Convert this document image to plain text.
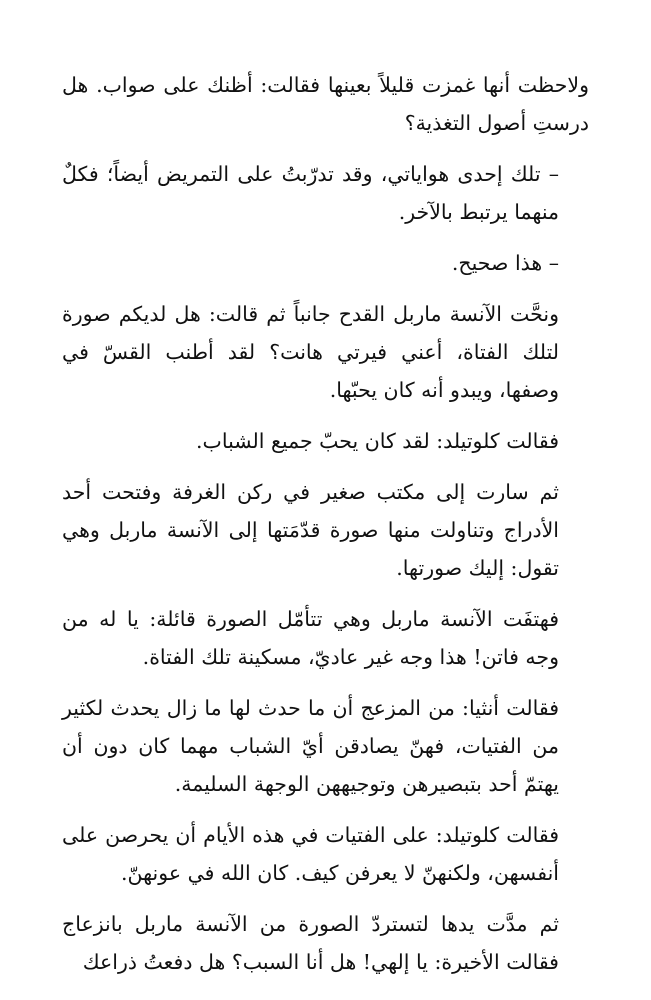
ولاحظت أنها غمزت قليلاً بعينها فقالت: أظنك على صواب. هل درستِ أصول التغذية؟

– تلك إحدى هواياتي، وقد تدرّبتُ على التمريض أيضاً؛ فكلٌ منهما يرتبط بالآخر.

– هذا صحيح.

ونحَّت الآنسة ماربل القدح جانباً ثم قالت: هل لديكم صورة لتلك الفتاة، أعني فيرتي هانت؟ لقد أطنب القسّ في وصفها، ويبدو أنه كان يحبّها.

فقالت كلوتيلد: لقد كان يحبّ جميع الشباب.

ثم سارت إلى مكتب صغير في ركن الغرفة وفتحت أحد الأدراج وتناولت منها صورة قدّمَتها إلى الآنسة ماربل وهي تقول: إليك صورتها.

فهتفَت الآنسة ماربل وهي تتأمّل الصورة قائلة: يا له من وجه فاتن! هذا وجه غير عاديّ، مسكينة تلك الفتاة.

فقالت أنثيا: من المزعج أن ما حدث لها ما زال يحدث لكثير من الفتيات، فهنّ يصادقن أيّ الشباب مهما كان دون أن يهتمّ أحد بتبصيرهن وتوجيههن الوجهة السليمة.

فقالت كلوتيلد: على الفتيات في هذه الأيام أن يحرصن على أنفسهن، ولكنهنّ لا يعرفن كيف. كان الله في عونهنّ.

ثم مدَّت يدها لتستردّ الصورة من الآنسة ماربل بانزعاج فقالت الأخيرة: يا إلهي! هل أنا السبب؟ هل دفعتُ ذراعك
